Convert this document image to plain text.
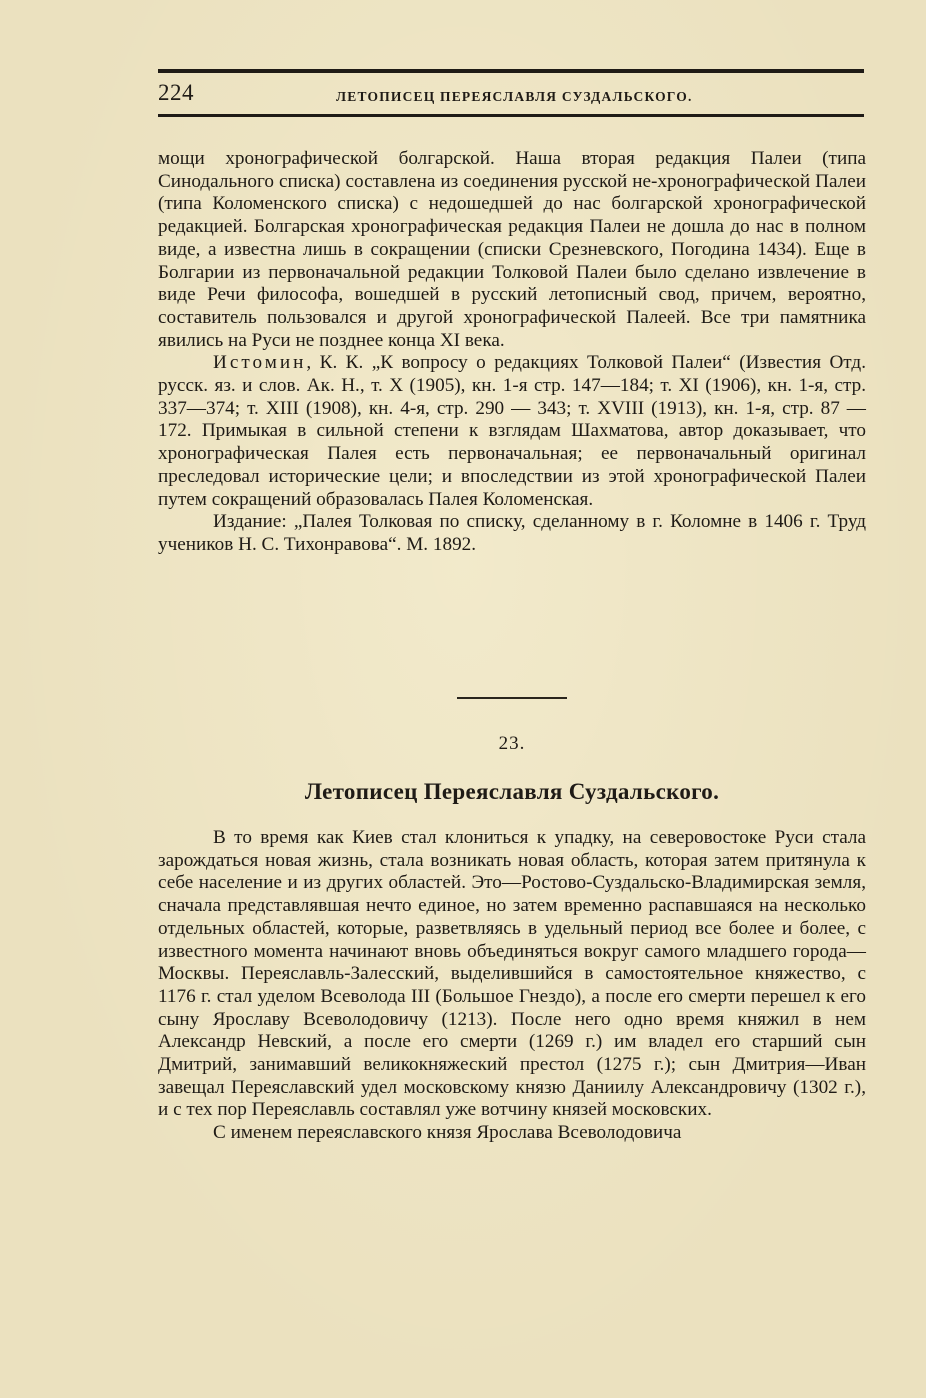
224	ЛЕТОПИСЕЦ ПЕРЕЯСЛАВЛЯ СУЗДАЛЬСКОГО.

мощи хронографической болгарской. Наша вторая редакция Палеи (типа Синодального списка) составлена из соединения русской не-хронографической Палеи (типа Коломенского списка) с недошедшей до нас болгарской хронографической редакцией. Болгарская хронографическая редакция Палеи не дошла до нас в полном виде, а известна лишь в сокращении (списки Срезневского, Погодина 1434). Еще в Болгарии из первоначальной редакции Толковой Палеи было сделано извлечение в виде Речи философа, вошедшей в русский летописный свод, причем, вероятно, составитель пользовался и другой хронографической Палеей. Все три памятника явились на Руси не позднее конца XI века.

Истомин, К. К. „К вопросу о редакциях Толковой Палеи“ (Известия Отд. русск. яз. и слов. Ак. Н., т. X (1905), кн. 1-я стр. 147—184; т. XI (1906), кн. 1-я, стр. 337—374; т. XIII (1908), кн. 4-я, стр. 290 — 343; т. XVIII (1913), кн. 1-я, стр. 87 — 172. Примыкая в сильной степени к взглядам Шахматова, автор доказывает, что хронографическая Палея есть первоначальная; ее первоначальный оригинал преследовал исторические цели; и впоследствии из этой хронографической Палеи путем сокращений образовалась Палея Коломенская.

Издание: „Палея Толковая по списку, сделанному в г. Коломне в 1406 г. Труд учеников Н. С. Тихонравова“. М. 1892.

23.
Летописец Переяславля Суздальского.

В то время как Киев стал клониться к упадку, на северовостоке Руси стала зарождаться новая жизнь, стала возникать новая область, которая затем притянула к себе население и из других областей. Это—Ростово-Суздальско-Владимирская земля, сначала представлявшая нечто единое, но затем временно распавшаяся на несколько отдельных областей, которые, разветвляясь в удельный период все более и более, с известного момента начинают вновь объединяться вокруг самого младшего города—Москвы. Переяславль-Залесский, выделившийся в самостоятельное княжество, с 1176 г. стал уделом Всеволода III (Большое Гнездо), а после его смерти перешел к его сыну Ярославу Всеволодовичу (1213). После него одно время княжил в нем Александр Невский, а после его смерти (1269 г.) им владел его старший сын Дмитрий, занимавший великокняжеский престол (1275 г.); сын Дмитрия—Иван завещал Переяславский удел московскому князю Даниилу Александровичу (1302 г.), и с тех пор Переяславль составлял уже вотчину князей московских.

С именем переяславского князя Ярослава Всеволодовича
